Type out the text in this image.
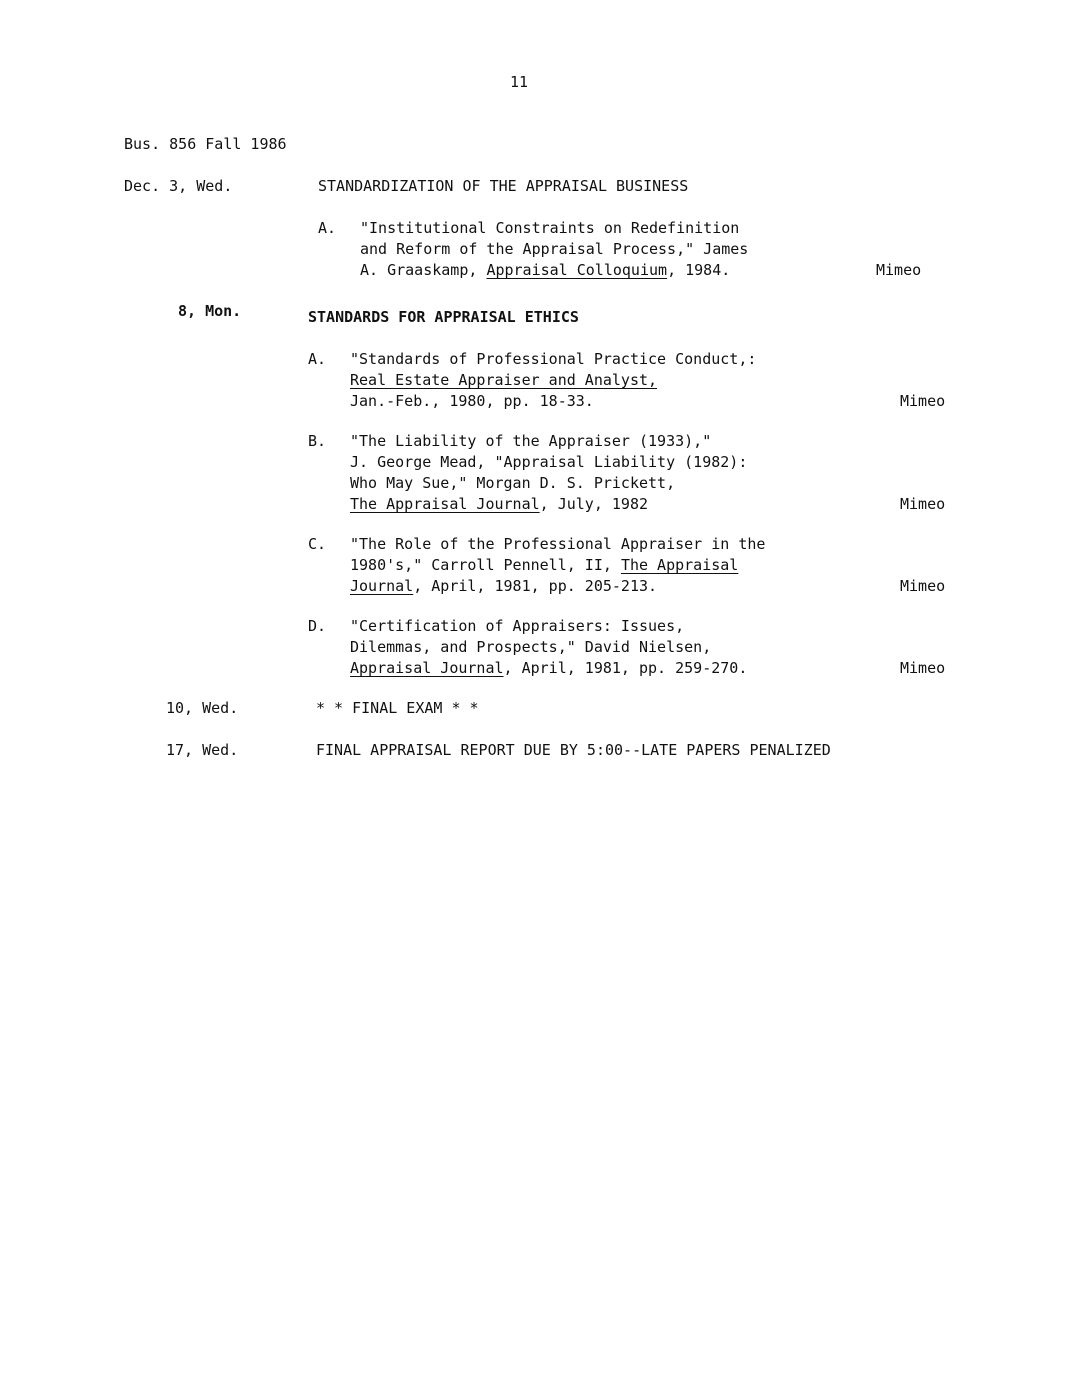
11
Bus. 856 Fall 1986
Dec. 3, Wed.	STANDARDIZATION OF THE APPRAISAL BUSINESS
A. "Institutional Constraints on Redefinition
and Reform of the Appraisal Process," James
A. Graaskamp, Appraisal Colloquium, 1984.	Mimeo
8, Mon.	STANDARDS FOR APPRAISAL ETHICS
A. "Standards of Professional Practice Conduct,:
Real Estate Appraiser and Analyst,
Jan.-Feb., 1980, pp. 18-33.	Mimeo
B. "The Liability of the Appraiser (1933),"
J. George Mead, "Appraisal Liability (1982):
Who May Sue," Morgan D. S. Prickett,
The Appraisal Journal, July, 1982	Mimeo
C. "The Role of the Professional Appraiser in the
1980's," Carroll Pennell, II, The Appraisal
Journal, April, 1981, pp. 205-213.	Mimeo
D. "Certification of Appraisers: Issues,
Dilemmas, and Prospects," David Nielsen,
Appraisal Journal, April, 1981, pp. 259-270.	Mimeo
10, Wed.	* * FINAL EXAM * *
17, Wed.	FINAL APPRAISAL REPORT DUE BY 5:00--LATE PAPERS PENALIZED
